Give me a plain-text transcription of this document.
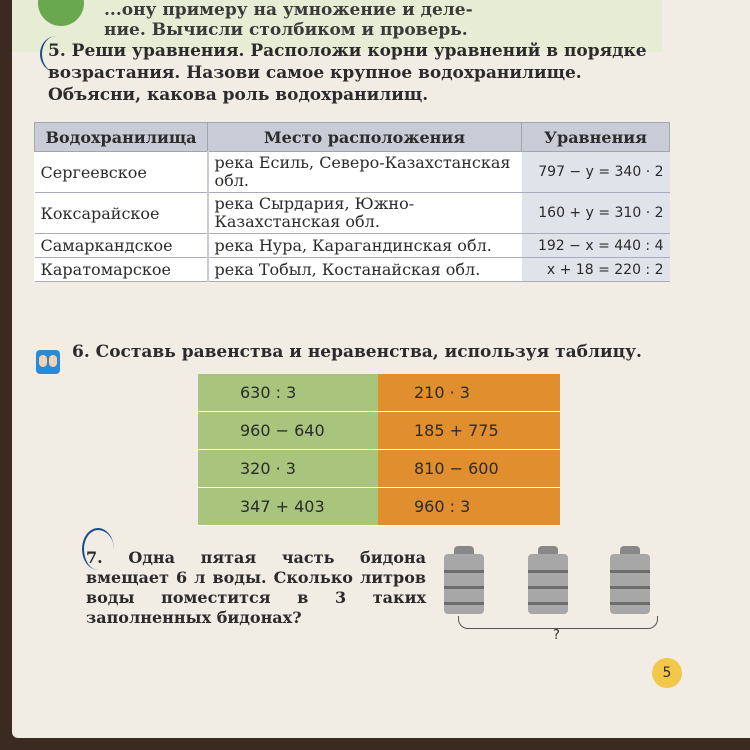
...ону примеру на умножение и деле-
ние. Вычисли столбиком и проверь.
5. Реши уравнения. Расположи корни уравнений в порядке возрастания. Назови самое крупное водохранилище. Объясни, какова роль водохранилищ.
Водохранилища	Место расположения	Уравнения
Сергеевское	река Есиль, Северо-Казахстанская обл.	797 − y = 340 · 2
Коксарайское	река Сырдария, Южно-Казахстанская обл.	160 + y = 310 · 2
Самаркандское	река Нура, Карагандинская обл.	192 − x = 440 : 4
Каратомарское	река Тобыл, Костанайская обл.	x + 18 = 220 : 2
6. Составь равенства и неравенства, используя таблицу.
630 : 3	210 · 3
960 − 640	185 + 775
320 · 3	810 − 600
347 + 403	960 : 3
7. Одна пятая часть бидона вмещает 6 л воды. Сколько литров воды поместится в 3 таких заполненных бидонах?
?
5
